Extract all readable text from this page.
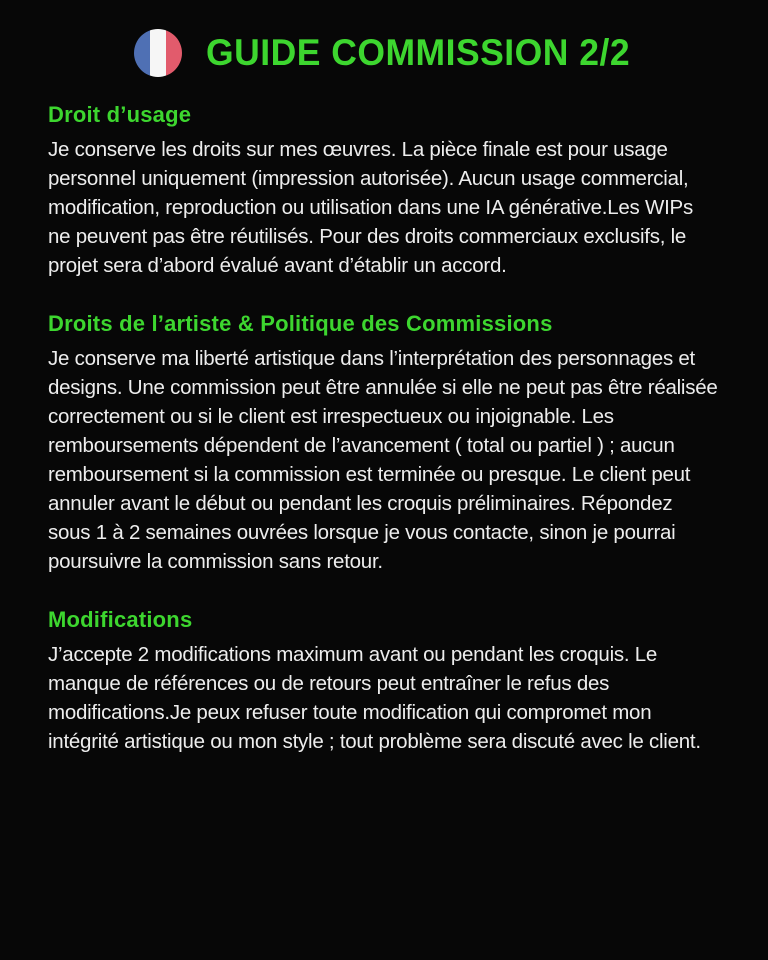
GUIDE COMMISSION 2/2
Droit d’usage

Je conserve les droits sur mes œuvres. La pièce finale est pour usage personnel uniquement (impression autorisée). Aucun usage commercial, modification, reproduction ou utilisation dans une IA générative.Les WIPs ne peuvent pas être réutilisés. Pour des droits commerciaux exclusifs, le projet sera d’abord évalué avant d’établir un accord.

Droits de l’artiste & Politique des Commissions

Je conserve ma liberté artistique dans l’interprétation des personnages et designs. Une commission peut être annulée si elle ne peut pas être réalisée correctement ou si le client est irrespectueux ou injoignable. Les remboursements dépendent de l’avancement ( total ou partiel ) ; aucun remboursement si la commission est terminée ou presque. Le client peut annuler avant le début ou pendant les croquis préliminaires. Répondez sous 1 à 2 semaines ouvrées lorsque je vous contacte, sinon je pourrai poursuivre la commission sans retour.

Modifications

J’accepte 2 modifications maximum avant ou pendant les croquis. Le manque de références ou de retours peut entraîner le refus des modifications.Je peux refuser toute modification qui compromet mon intégrité artistique ou mon style ; tout problème sera discuté avec le client.
